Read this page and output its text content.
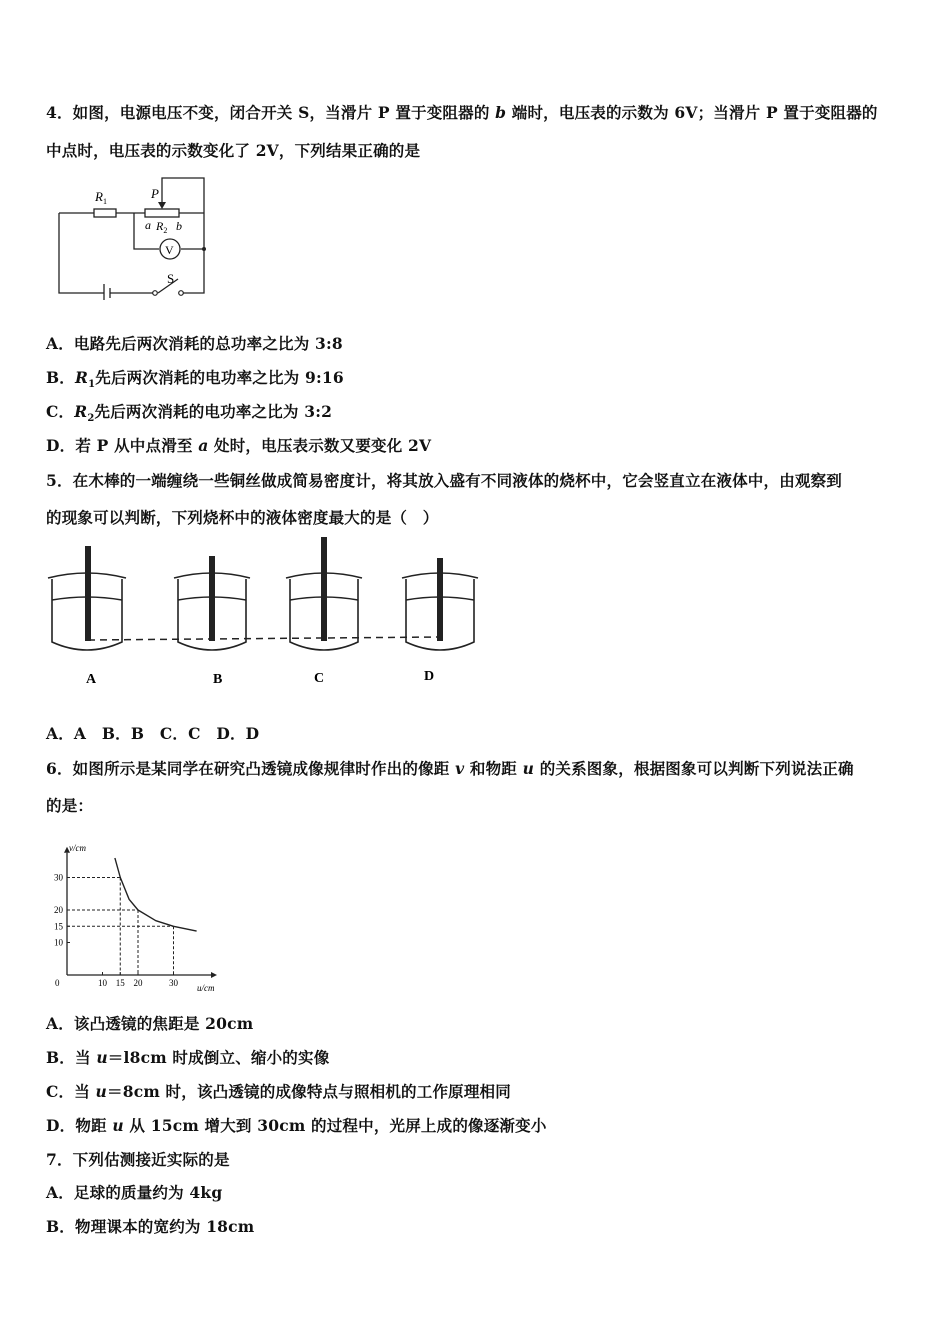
4．如图，电源电压不变，闭合开关 S，当滑片 P 置于变阻器的 b 端时，电压表的示数为 6V；当滑片 P 置于变阻器的
中点时，电压表的示数变化了 2V，下列结果正确的是
$R_1$
P
a $R_2$ b
V
S
A．电路先后两次消耗的总功率之比为 3:8
B．$R_1$先后两次消耗的电功率之比为 9:16
C．$R_2$先后两次消耗的电功率之比为 3:2
D．若 P 从中点滑至 a 处时，电压表示数又要变化 2V
5．在木棒的一端缠绕一些铜丝做成简易密度计，将其放入盛有不同液体的烧杯中，它会竖直立在液体中，由观察到
的现象可以判断，下列烧杯中的液体密度最大的是（　）
A	B	C	D
A．A　B．B　C．C　D．D
6．如图所示是某同学在研究凸透镜成像规律时作出的像距 v 和物距 u 的关系图象，根据图象可以判断下列说法正确
的是：
v/cm
u/cm
0	10 15 20	30
10
15
20
30
A．该凸透镜的焦距是 20cm
B．当 u＝l8cm 时成倒立、缩小的实像
C．当 u＝8cm 时，该凸透镜的成像特点与照相机的工作原理相同
D．物距 u 从 15cm 增大到 30cm 的过程中，光屏上成的像逐渐变小
7．下列估测接近实际的是
A．足球的质量约为 4kg
B．物理课本的宽约为 18cm
